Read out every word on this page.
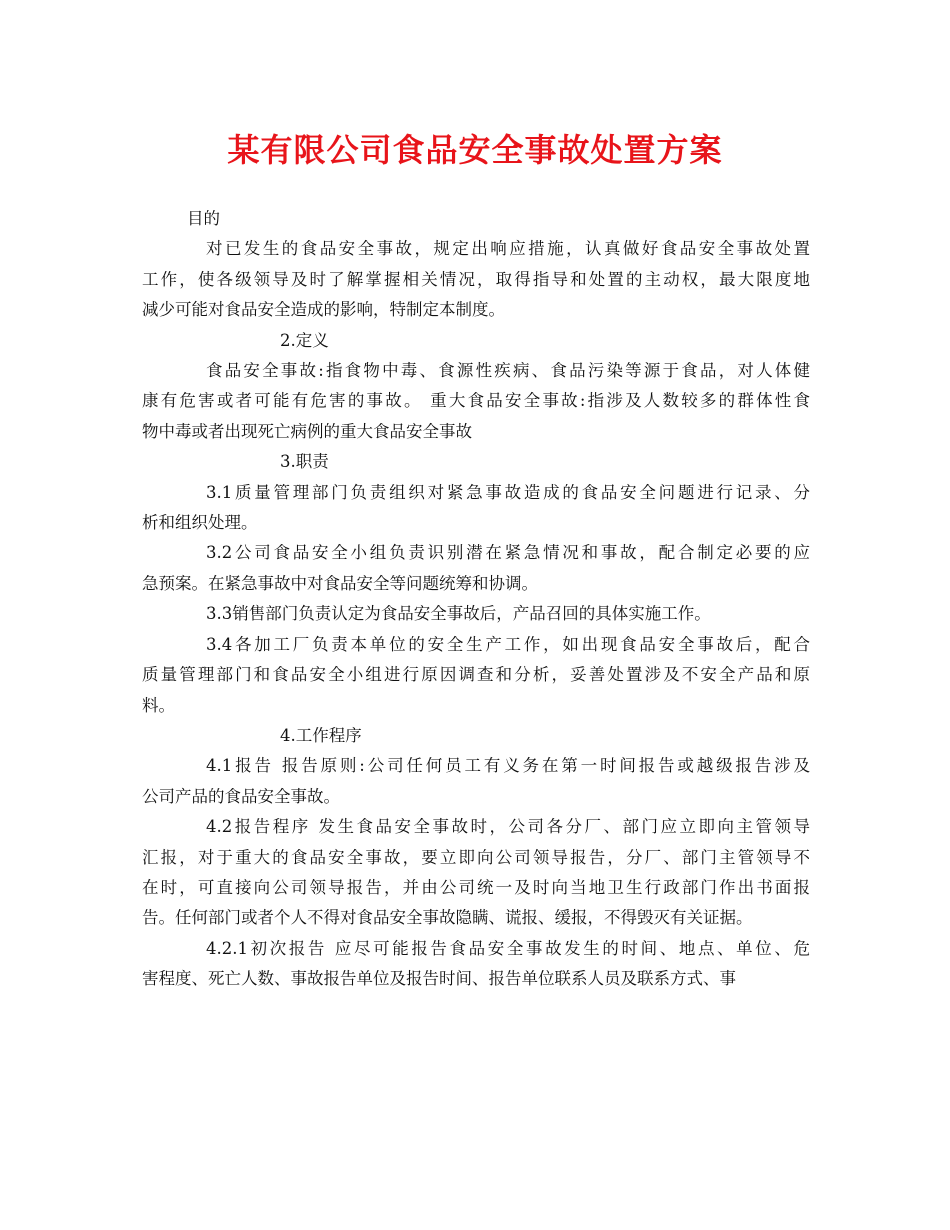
某有限公司食品安全事故处置方案
目的
对已发生的食品安全事故，规定出响应措施，认真做好食品安全事故处置
工作，使各级领导及时了解掌握相关情况，取得指导和处置的主动权，最大限度地
减少可能对食品安全造成的影响，特制定本制度。
2.定义
食品安全事故:指食物中毒、食源性疾病、食品污染等源于食品，对人体健
康有危害或者可能有危害的事故。 重大食品安全事故:指涉及人数较多的群体性食
物中毒或者出现死亡病例的重大食品安全事故
3.职责
3.1质量管理部门负责组织对紧急事故造成的食品安全问题进行记录、分
析和组织处理。
3.2公司食品安全小组负责识别潜在紧急情况和事故，配合制定必要的应
急预案。在紧急事故中对食品安全等问题统筹和协调。
3.3销售部门负责认定为食品安全事故后，产品召回的具体实施工作。
3.4各加工厂负责本单位的安全生产工作，如出现食品安全事故后，配合
质量管理部门和食品安全小组进行原因调查和分析，妥善处置涉及不安全产品和原
料。
4.工作程序
4.1报告 报告原则:公司任何员工有义务在第一时间报告或越级报告涉及
公司产品的食品安全事故。
4.2报告程序 发生食品安全事故时，公司各分厂、部门应立即向主管领导
汇报，对于重大的食品安全事故，要立即向公司领导报告，分厂、部门主管领导不
在时，可直接向公司领导报告，并由公司统一及时向当地卫生行政部门作出书面报
告。任何部门或者个人不得对食品安全事故隐瞒、谎报、缓报，不得毁灭有关证据。
4.2.1初次报告 应尽可能报告食品安全事故发生的时间、地点、单位、危
害程度、死亡人数、事故报告单位及报告时间、报告单位联系人员及联系方式、事
